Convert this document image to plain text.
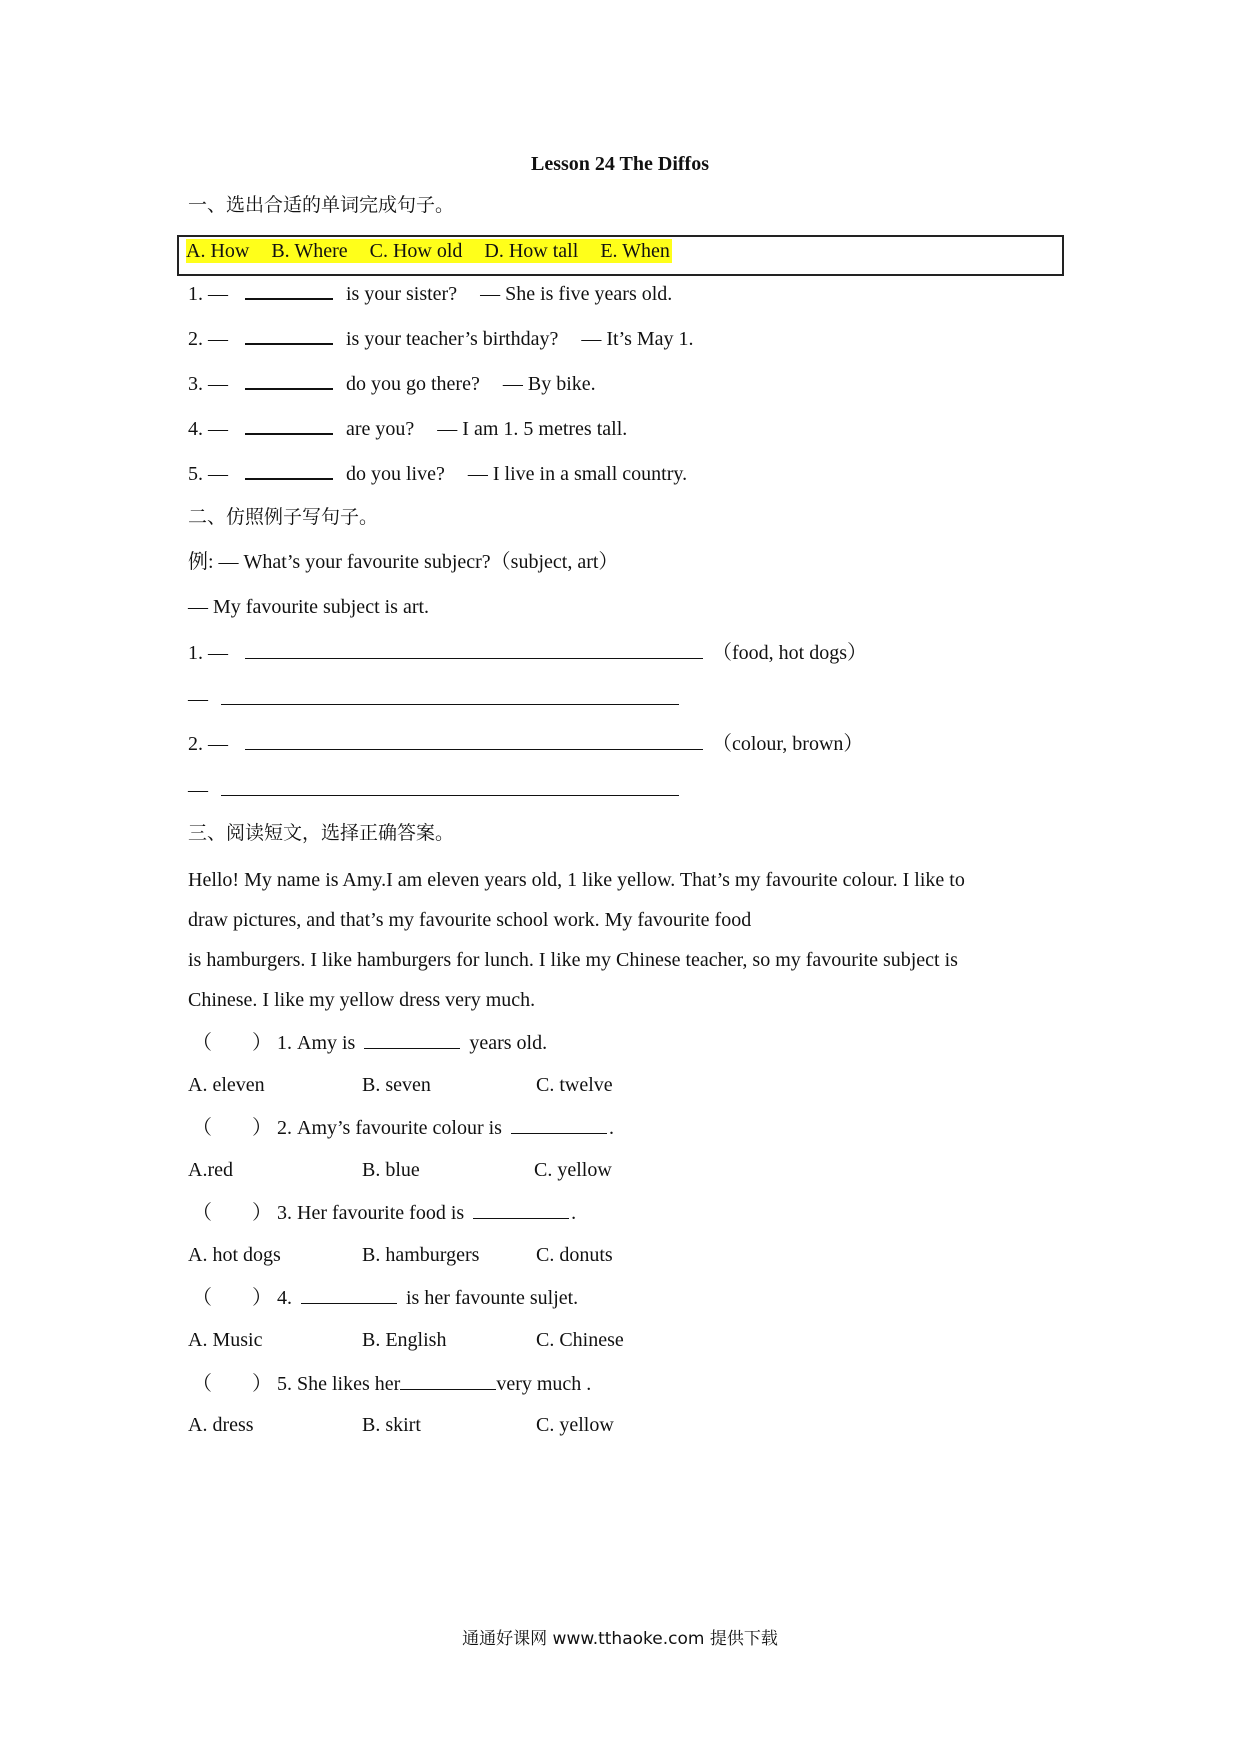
Lesson 24 The Diffos
一、选出合适的单词完成句子。
A. How B. Where C. How old D. How tall E. When
1. —	is your sister? — She is five years old.
2. —	is your teacher’s birthday? — It’s May 1.
3. —	do you go there? — By bike.
4. —	are you? — I am 1. 5 metres tall.
5. —	do you live? — I live in a small country.
二、仿照例子写句子。
例: — What’s your favourite subjecr?（subject, art）
— My favourite subject is art.
1. —	（food, hot dogs）
—
2. —	（colour, brown）
—
三、阅读短文，选择正确答案。
Hello! My name is Amy.I am eleven years old, 1 like yellow. That’s my favourite colour. I like to
draw pictures, and that’s my favourite school work. My favourite food
is hamburgers. I like hamburgers for lunch. I like my Chinese teacher, so my favourite subject is
Chinese. I like my yellow dress very much.
（　　） 1. Amy is	years old.
A. eleven	B. seven	C. twelve
（　　） 2. Amy’s favourite colour is	.
A.red	B. blue	C. yellow
（　　） 3. Her favourite food is	.
A. hot dogs	B. hamburgers	C. donuts
（　　） 4.	is her favounte suljet.
A. Music	B. English	C. Chinese
（　　） 5. She likes her	very much .
A. dress	B. skirt	C. yellow
通通好课网 www.tthaoke.com 提供下载
